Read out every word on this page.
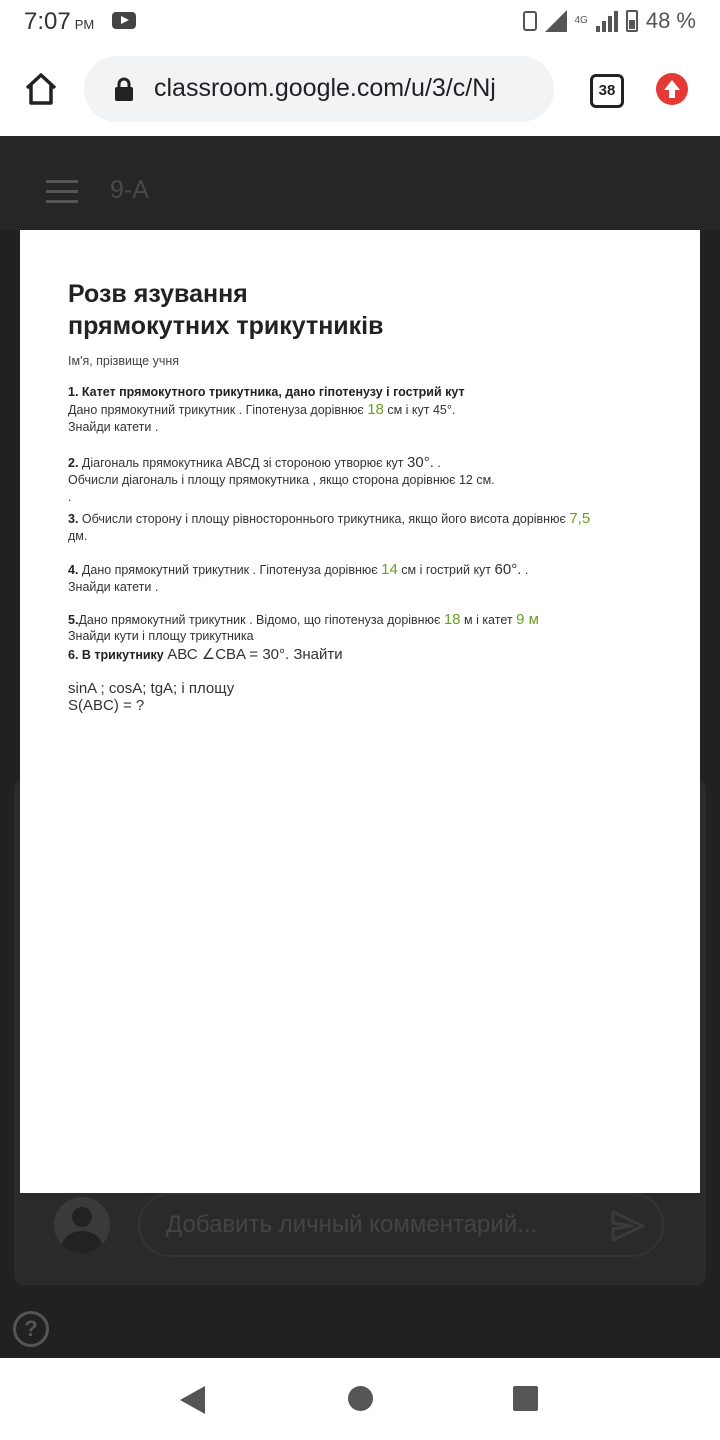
7:07 PM	4G	48 %
classroom.google.com/u/3/c/Nj	38
9-A
Добавить личный комментарий...
?
Розв язування
прямокутних трикутників
Ім'я, прізвище учня
1. Катет прямокутного трикутника, дано гіпотенузу і гострий кут
Дано прямокутний трикутник . Гіпотенуза дорівнює 18 см і кут 45°.
Знайди катети .
2. Діагональ прямокутника АВСД зі стороною утворює кут 30°. .
Обчисли діагональ і площу прямокутника , якщо сторона дорівнює 12 см.
.
3. Обчисли сторону і площу рівностороннього трикутника, якщо його висота дорівнює 7,5
дм.
4. Дано прямокутний трикутник . Гіпотенуза дорівнює 14 см і гострий кут 60°. .
Знайди катети .
5.Дано прямокутний трикутник . Відомо, що гіпотенуза дорівнює 18 м і катет 9 м
Знайди кути і площу трикутника
6. В трикутнику АВС ∠CBA = 30°. Знайти
sinA ; cosA; tgA; і площу
S(ABC) = ?
